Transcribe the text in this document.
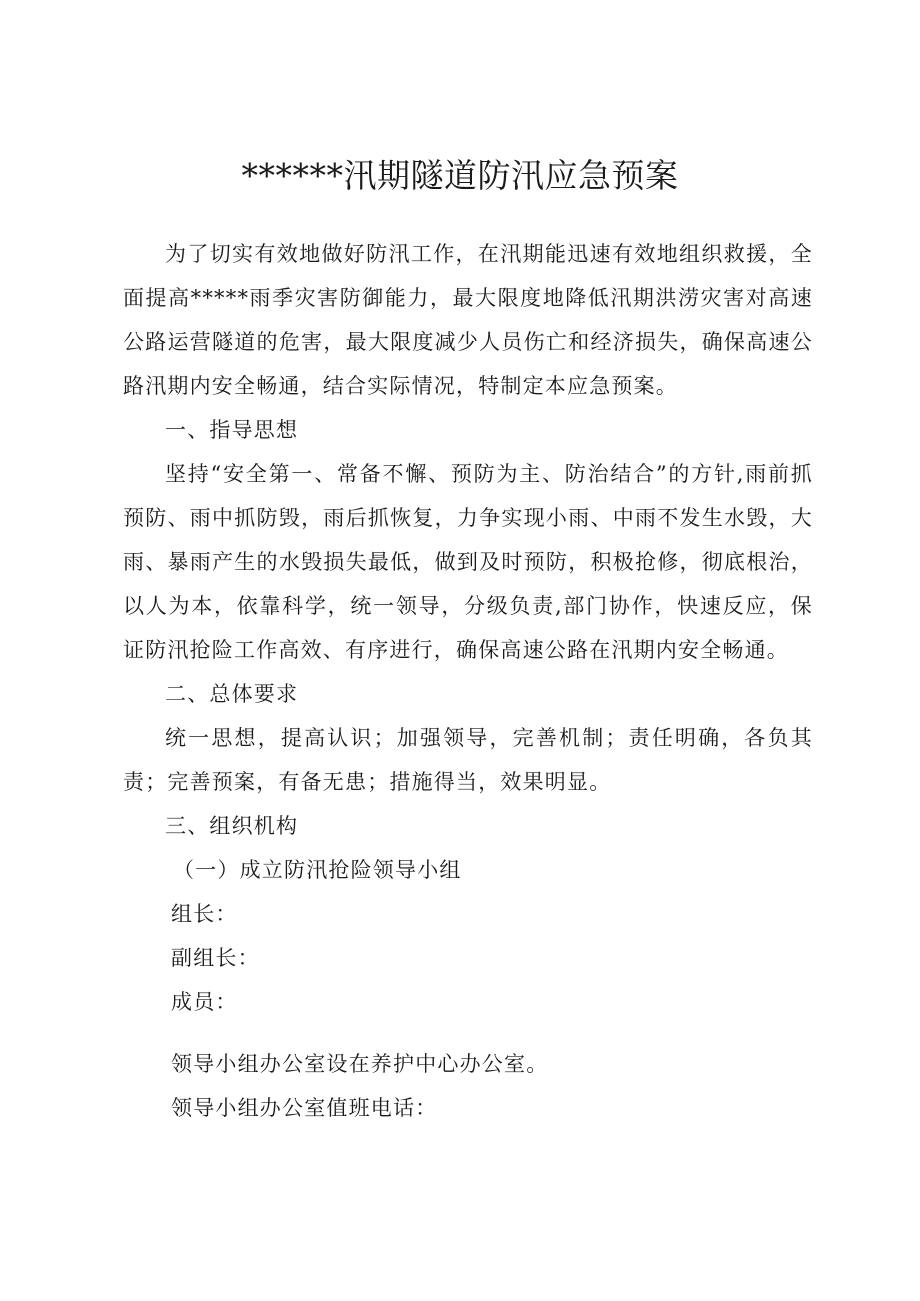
******汛期隧道防汛应急预案

为了切实有效地做好防汛工作，在汛期能迅速有效地组织救援，全面提高*****雨季灾害防御能力，最大限度地降低汛期洪涝灾害对高速公路运营隧道的危害，最大限度减少人员伤亡和经济损失，确保高速公路汛期内安全畅通，结合实际情况，特制定本应急预案。

一、指导思想

坚持“安全第一、常备不懈、预防为主、防治结合”的方针,雨前抓预防、雨中抓防毁，雨后抓恢复，力争实现小雨、中雨不发生水毁，大雨、暴雨产生的水毁损失最低，做到及时预防，积极抢修，彻底根治，以人为本，依靠科学，统一领导，分级负责,部门协作，快速反应，保证防汛抢险工作高效、有序进行，确保高速公路在汛期内安全畅通。

二、总体要求

统一思想，提高认识；加强领导，完善机制；责任明确，各负其责；完善预案，有备无患；措施得当，效果明显。

三、组织机构

（一）成立防汛抢险领导小组

组长：

副组长：

成员：

领导小组办公室设在养护中心办公室。

领导小组办公室值班电话：
